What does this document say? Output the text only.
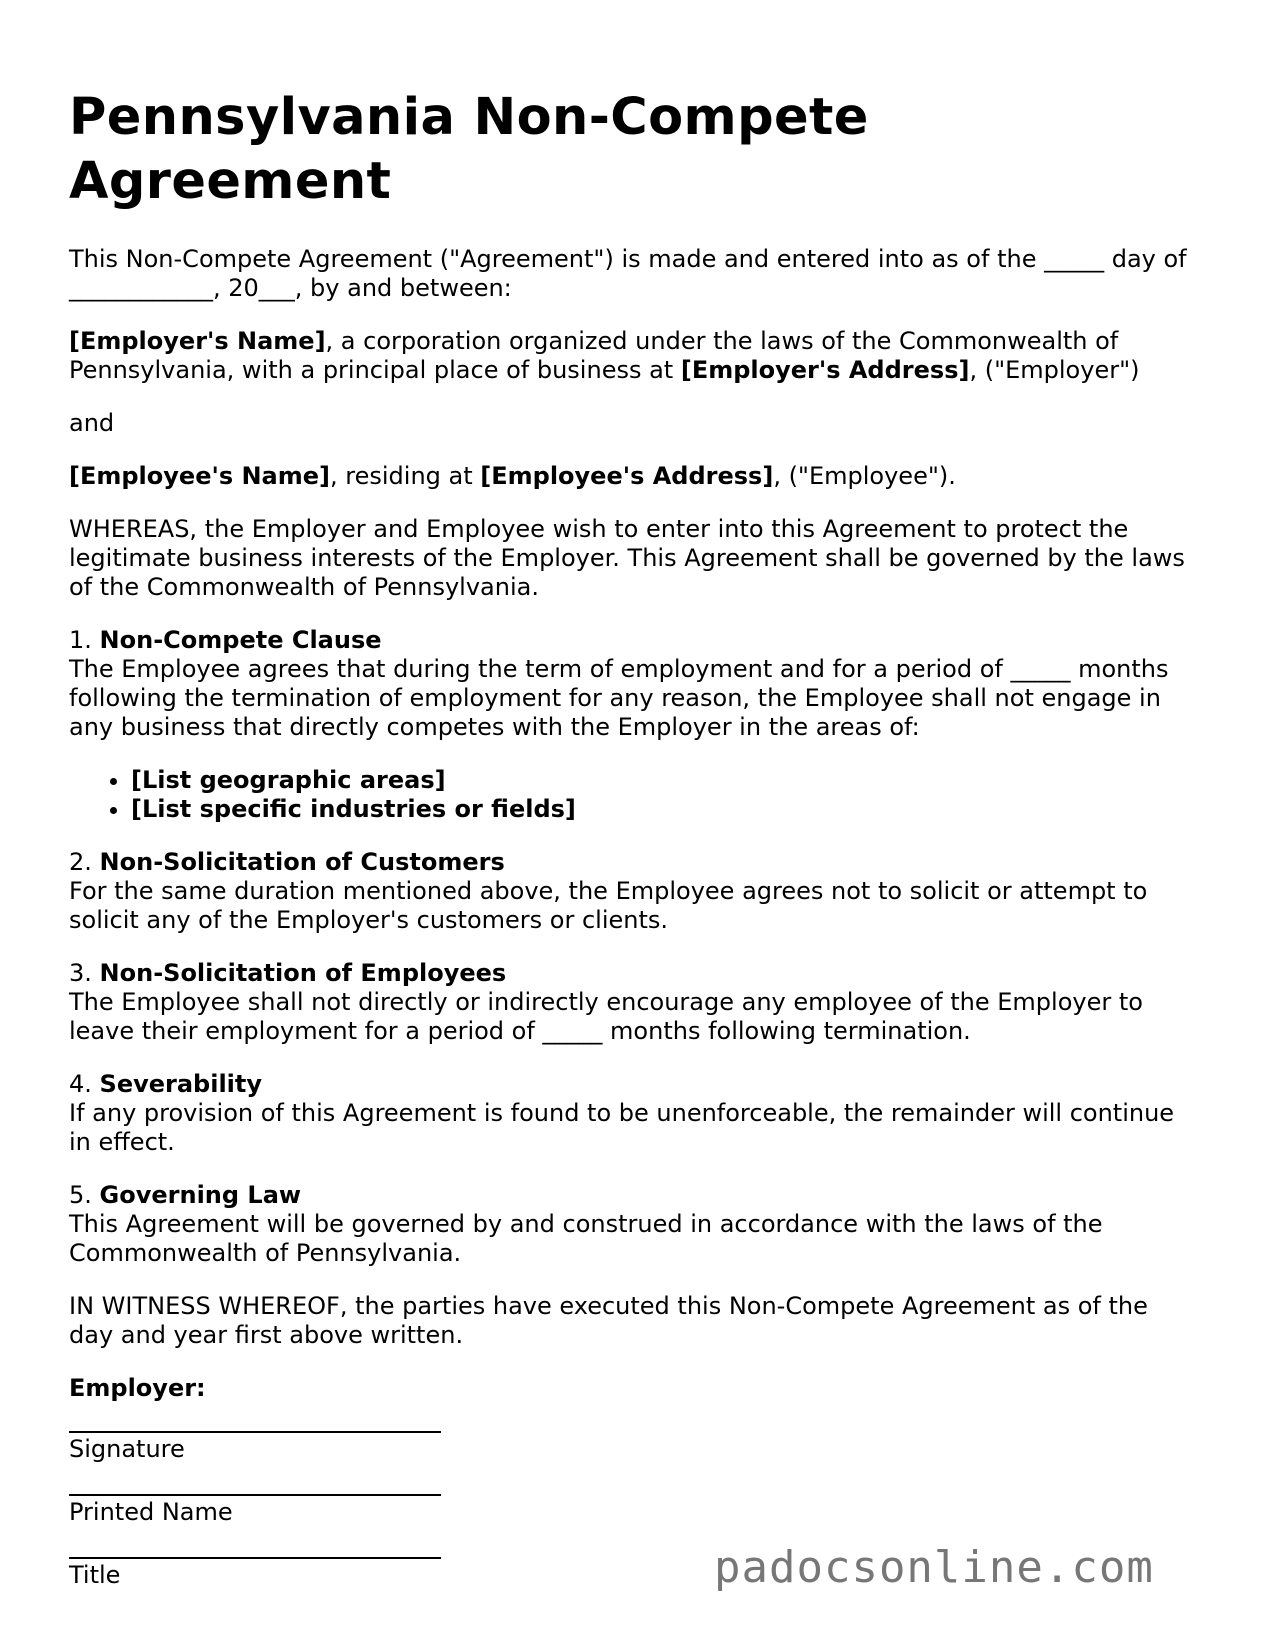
Pennsylvania Non-Compete Agreement

This Non-Compete Agreement ("Agreement") is made and entered into as of the _____ day of ____________, 20___, by and between:

[Employer's Name], a corporation organized under the laws of the Commonwealth of Pennsylvania, with a principal place of business at [Employer's Address], ("Employer")

and

[Employee's Name], residing at [Employee's Address], ("Employee").

WHEREAS, the Employer and Employee wish to enter into this Agreement to protect the legitimate business interests of the Employer. This Agreement shall be governed by the laws of the Commonwealth of Pennsylvania.

1. Non-Compete Clause
The Employee agrees that during the term of employment and for a period of _____ months following the termination of employment for any reason, the Employee shall not engage in any business that directly competes with the Employer in the areas of:
• [List geographic areas]
• [List specific industries or fields]
2. Non-Solicitation of Customers
For the same duration mentioned above, the Employee agrees not to solicit or attempt to solicit any of the Employer's customers or clients.
3. Non-Solicitation of Employees
The Employee shall not directly or indirectly encourage any employee of the Employer to leave their employment for a period of _____ months following termination.
4. Severability
If any provision of this Agreement is found to be unenforceable, the remainder will continue in effect.
5. Governing Law
This Agreement will be governed by and construed in accordance with the laws of the Commonwealth of Pennsylvania.

IN WITNESS WHEREOF, the parties have executed this Non-Compete Agreement as of the day and year first above written.

Employer:
Signature
Printed Name
Title	padocsonline.com
